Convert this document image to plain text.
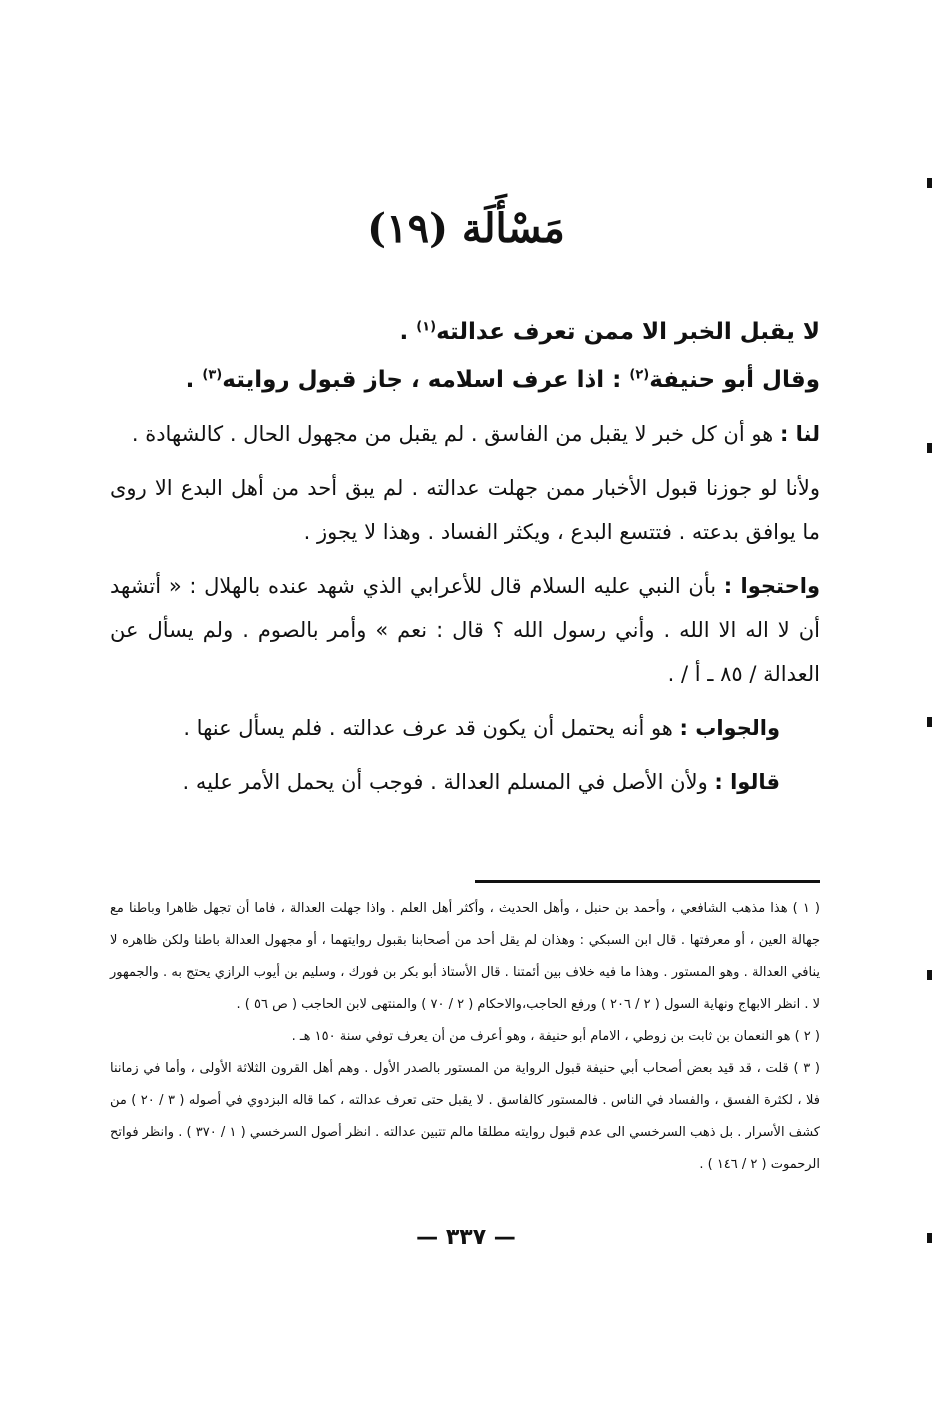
مَسْأَلَة (١٩)

لا يقبل الخبر الا ممن تعرف عدالته$^{(١)}$ .

وقال أبو حنيفة$^{(٢)}$ : اذا عرف اسلامه ، جاز قبول روايته$^{(٣)}$ .

لنا : هو أن كل خبر لا يقبل من الفاسق . لم يقبل من مجهول الحال . كالشهادة .

ولأنا لو جوزنا قبول الأخبار ممن جهلت عدالته . لم يبق أحد من أهل البدع الا روى ما يوافق بدعته . فتتسع البدع ، ويكثر الفساد . وهذا لا يجوز .

واحتجوا : بأن النبي عليه السلام قال للأعرابي الذي شهد عنده بالهلال : « أتشهد أن لا اله الا الله . وأني رسول الله ؟ قال : نعم » وأمر بالصوم . ولم يسأل عن العدالة / ٨٥ ـ أ / .

والجواب : هو أنه يحتمل أن يكون قد عرف عدالته . فلم يسأل عنها .

قالوا : ولأن الأصل في المسلم العدالة . فوجب أن يحمل الأمر عليه .

( ١ ) هذا مذهب الشافعي ، وأحمد بن حنبل ، وأهل الحديث ، وأكثر أهل العلم . واذا جهلت العدالة ، فاما أن تجهل ظاهرا وباطنا مع جهالة العين ، أو معرفتها . قال ابن السبكي : وهذان لم يقل أحد من أصحابنا بقبول روايتهما ، أو مجهول العدالة باطنا ولكن ظاهره لا ينافي العدالة . وهو المستور . وهذا ما فيه خلاف بين أئمتنا . قال الأستاذ أبو بكر بن فورك ، وسليم بن أيوب الرازي يحتج به . والجمهور لا . انظر الابهاج ونهاية السول ( ٢ / ٢٠٦ ) ورفع الحاجب،والاحكام ( ٢ / ٧٠ ) والمنتهى لابن الحاجب ( ص ٥٦ ) .

( ٢ ) هو النعمان بن ثابت بن زوطي ، الامام أبو حنيفة ، وهو أعرف من أن يعرف توفي سنة ١٥٠ هـ .

( ٣ ) قلت ، قد قيد بعض أصحاب أبي حنيفة قبول الرواية من المستور بالصدر الأول . وهم أهل القرون الثلاثة الأولى ، وأما في زماننا فلا ، لكثرة الفسق ، والفساد في الناس . فالمستور كالفاسق . لا يقبل حتى تعرف عدالته ، كما قاله البزدوي في أصوله ( ٣ / ٢٠ ) من كشف الأسرار . بل ذهب السرخسي الى عدم قبول روايته مطلقا مالم تتبين عدالته . انظر أصول السرخسي ( ١ / ٣٧٠ ) . وانظر فواتح الرحموت ( ٢ / ١٤٦ ) .

— ٣٣٧ —
